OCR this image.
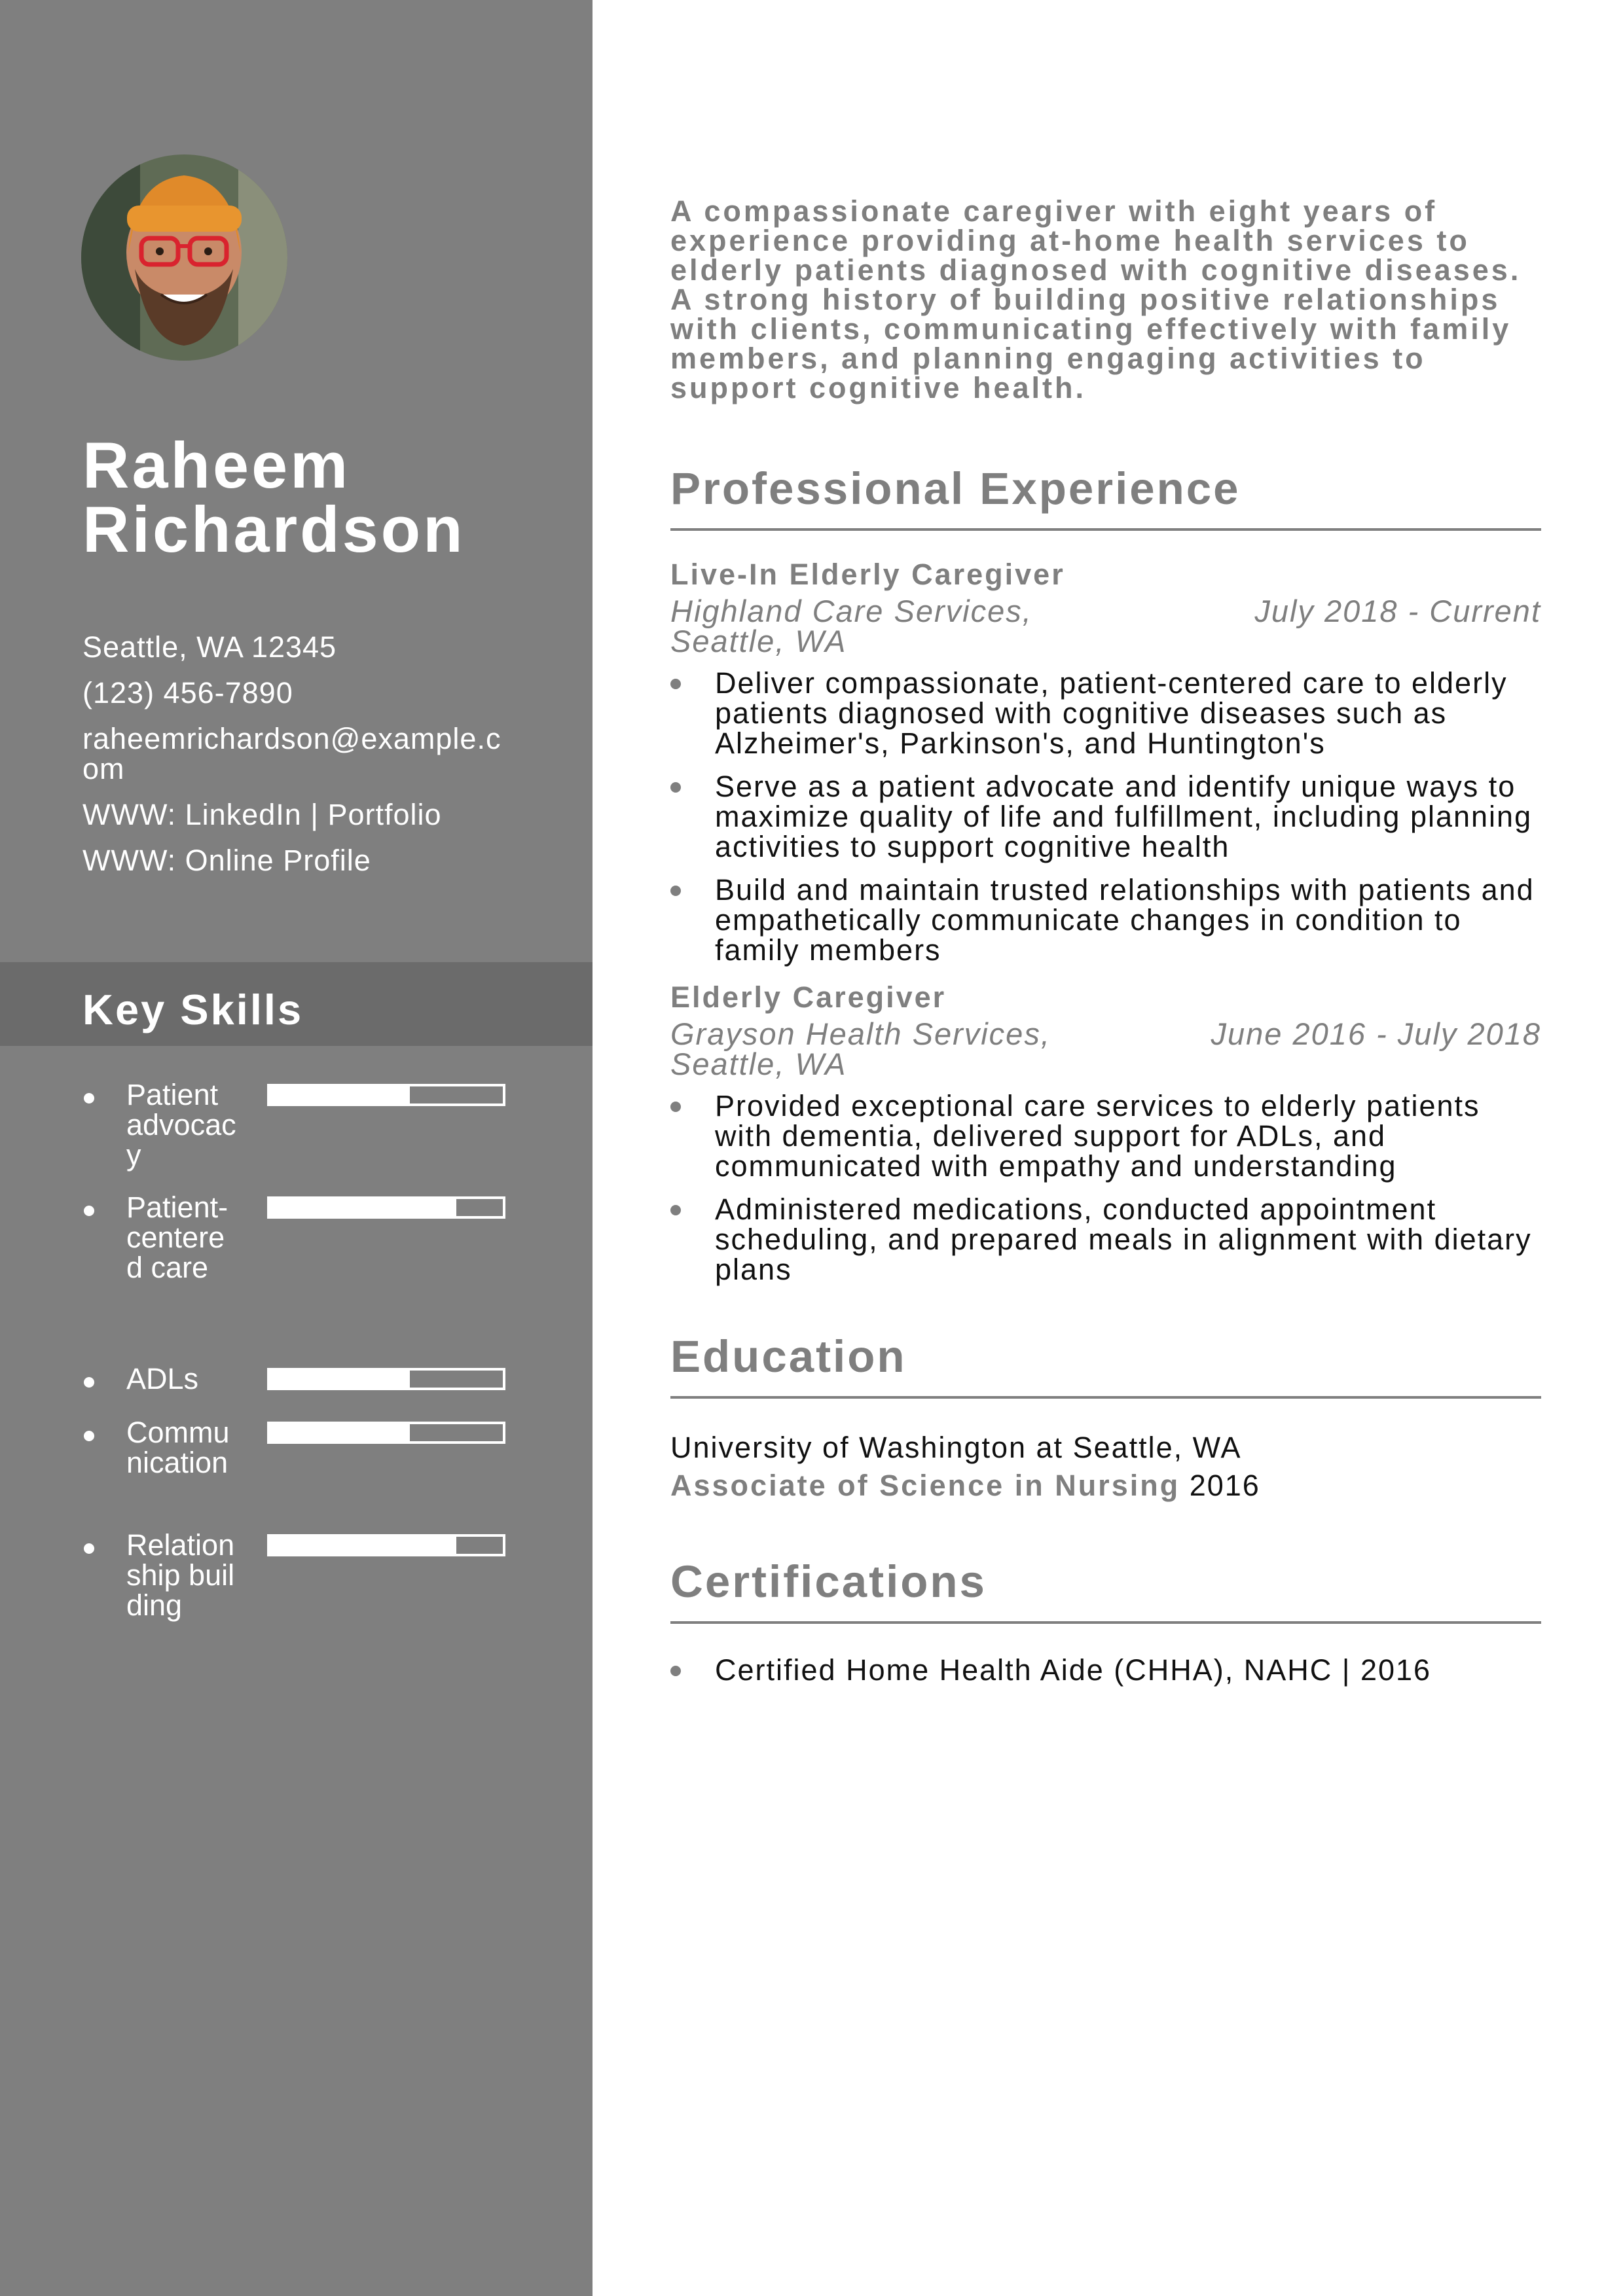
Raheem
Richardson
Seattle, WA 12345
(123) 456-7890
raheemrichardson@example.com
WWW: LinkedIn | Portfolio
WWW: Online Profile
Key Skills
Patient advocacy
Patient-centered care
ADLs
Communication
Relationship building

A compassionate caregiver with eight years of experience providing at-home health services to elderly patients diagnosed with cognitive diseases. A strong history of building positive relationships with clients, communicating effectively with family members, and planning engaging activities to support cognitive health.

Professional Experience
Live-In Elderly Caregiver
Highland Care Services, Seattle, WA
July 2018 - Current
Deliver compassionate, patient-centered care to elderly patients diagnosed with cognitive diseases such as Alzheimer's, Parkinson's, and Huntington's
Serve as a patient advocate and identify unique ways to maximize quality of life and fulfillment, including planning activities to support cognitive health
Build and maintain trusted relationships with patients and empathetically communicate changes in condition to family members
Elderly Caregiver
Grayson Health Services, Seattle, WA
June 2016 - July 2018
Provided exceptional care services to elderly patients with dementia, delivered support for ADLs, and communicated with empathy and understanding
Administered medications, conducted appointment scheduling, and prepared meals in alignment with dietary plans
Education
University of Washington at Seattle, WA
Associate of Science in Nursing 2016
Certifications
Certified Home Health Aide (CHHA), NAHC | 2016
